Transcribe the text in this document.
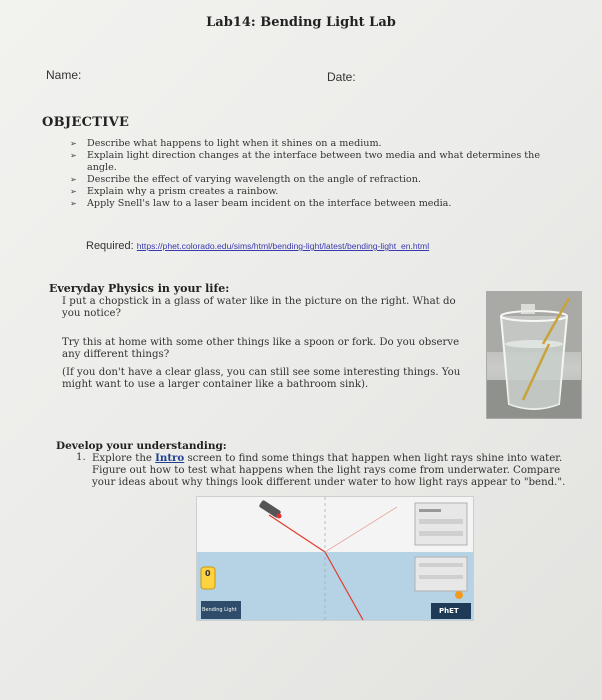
Lab14: Bending Light Lab
Name:	Date:
OBJECTIVE
➢	Describe what happens to light when it shines on a medium.
➢	Explain light direction changes at the interface between two media and what determines the angle.
➢	Describe the effect of varying wavelength on the angle of refraction.
➢	Explain why a prism creates a rainbow.
➢	Apply Snell's law to a laser beam incident on the interface between media.
Required: https://phet.colorado.edu/sims/html/bending-light/latest/bending-light_en.html
Everyday Physics in your life:
I put a chopstick in a glass of water like in the picture on the right. What do you notice?
Try this at home with some other things like a spoon or fork. Do you observe any different things?
(If you don't have a clear glass, you can still see some interesting things. You might want to use a larger container like a bathroom sink).
Develop your understanding:
1. Explore the Intro screen to find some things that happen when light rays shine into water. Figure out how to test what happens when the light rays come from underwater. Compare your ideas about why things look different under water to how light rays appear to "bend.".
0
Bending Light	PhET
